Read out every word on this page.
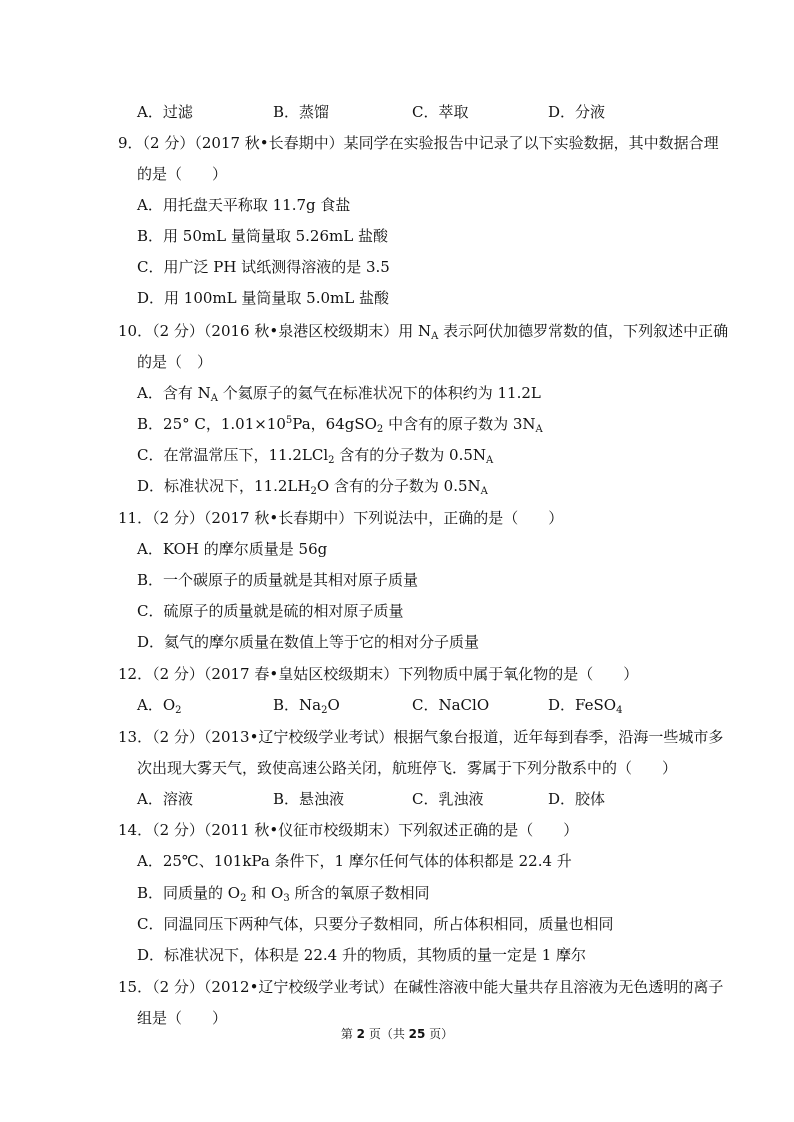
A．过滤	B．蒸馏	C．萃取	D．分液
9．（2 分）（2017 秋•长春期中）某同学在实验报告中记录了以下实验数据，其中数据合理
的是（　　）
A．用托盘天平称取 11.7g 食盐
B．用 50mL 量筒量取 5.26mL 盐酸
C．用广泛 PH 试纸测得溶液的是 3.5
D．用 100mL 量筒量取 5.0mL 盐酸
10．（2 分）（2016 秋•泉港区校级期末）用 $N_A$ 表示阿伏加德罗常数的值，下列叙述中正确
的是（　）
A．含有 $N_A$ 个氦原子的氦气在标准状况下的体积约为 11.2L
B．25° C，$1.01\times 10^5Pa$，64gSO$_2$ 中含有的原子数为 $3N_A$
C．在常温常压下，11.2LCl$_2$ 含有的分子数为 $0.5N_A$
D．标准状况下，$11.2LH_2O$ 含有的分子数为 $0.5N_A$
11．（2 分）（2017 秋•长春期中）下列说法中，正确的是（　　）
A．KOH 的摩尔质量是 56g
B．一个碳原子的质量就是其相对原子质量
C．硫原子的质量就是硫的相对原子质量
D．氦气的摩尔质量在数值上等于它的相对分子质量
12．（2 分）（2017 春•皇姑区校级期末）下列物质中属于氧化物的是（　　）
A．$O_2$	B．$Na_2O$	C．NaClO	D．FeSO$_4$
13．（2 分）（2013•辽宁校级学业考试）根据气象台报道，近年每到春季，沿海一些城市多
次出现大雾天气，致使高速公路关闭，航班停飞．雾属于下列分散系中的（　　）
A．溶液	B．悬浊液	C．乳浊液	D．胶体
14．（2 分）（2011 秋•仪征市校级期末）下列叙述正确的是（　　）
A．25℃、101kPa 条件下，1 摩尔任何气体的体积都是 22.4 升
B．同质量的 $O_2$ 和 $O_3$ 所含的氧原子数相同
C．同温同压下两种气体，只要分子数相同，所占体积相同，质量也相同
D．标准状况下，体积是 22.4 升的物质，其物质的量一定是 1 摩尔
15．（2 分）（2012•辽宁校级学业考试）在碱性溶液中能大量共存且溶液为无色透明的离子
组是（　　）
第 2 页（共 25 页）
